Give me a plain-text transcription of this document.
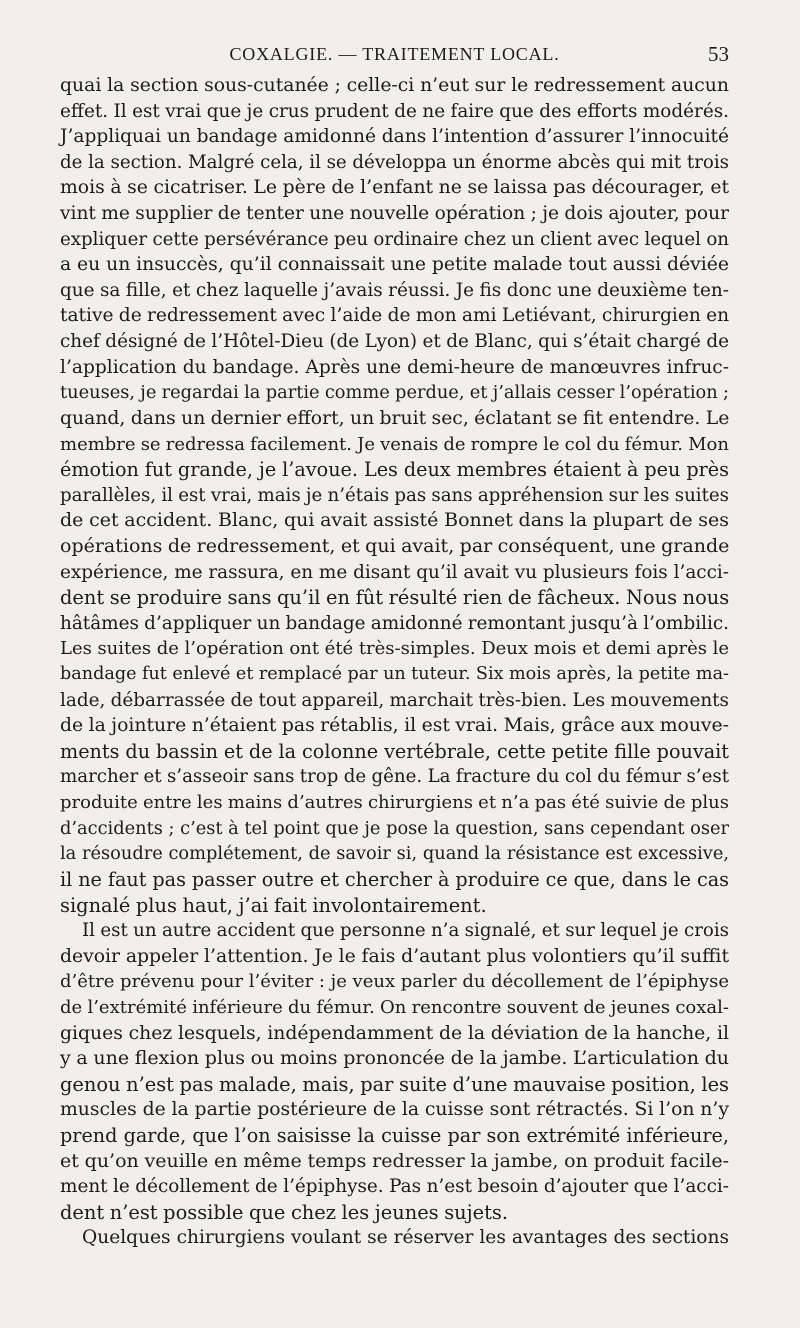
COXALGIE. — TRAITEMENT LOCAL.	53
quai la section sous-cutanée ; celle-ci n’eut sur le redressement aucun
effet. Il est vrai que je crus prudent de ne faire que des efforts modérés.
J’appliquai un bandage amidonné dans l’intention d’assurer l’innocuité
de la section. Malgré cela, il se développa un énorme abcès qui mit trois
mois à se cicatriser. Le père de l’enfant ne se laissa pas décourager, et
vint me supplier de tenter une nouvelle opération ; je dois ajouter, pour
expliquer cette persévérance peu ordinaire chez un client avec lequel on
a eu un insuccès, qu’il connaissait une petite malade tout aussi déviée
que sa fille, et chez laquelle j’avais réussi. Je fis donc une deuxième ten-
tative de redressement avec l’aide de mon ami Letiévant, chirurgien en
chef désigné de l’Hôtel-Dieu (de Lyon) et de Blanc, qui s’était chargé de
l’application du bandage. Après une demi-heure de manœuvres infruc-
tueuses, je regardai la partie comme perdue, et j’allais cesser l’opération ;
quand, dans un dernier effort, un bruit sec, éclatant se fit entendre. Le
membre se redressa facilement. Je venais de rompre le col du fémur. Mon
émotion fut grande, je l’avoue. Les deux membres étaient à peu près
parallèles, il est vrai, mais je n’étais pas sans appréhension sur les suites
de cet accident. Blanc, qui avait assisté Bonnet dans la plupart de ses
opérations de redressement, et qui avait, par conséquent, une grande
expérience, me rassura, en me disant qu’il avait vu plusieurs fois l’acci-
dent se produire sans qu’il en fût résulté rien de fâcheux. Nous nous
hâtâmes d’appliquer un bandage amidonné remontant jusqu’à l’ombilic.
Les suites de l’opération ont été très-simples. Deux mois et demi après le
bandage fut enlevé et remplacé par un tuteur. Six mois après, la petite ma-
lade, débarrassée de tout appareil, marchait très-bien. Les mouvements
de la jointure n’étaient pas rétablis, il est vrai. Mais, grâce aux mouve-
ments du bassin et de la colonne vertébrale, cette petite fille pouvait
marcher et s’asseoir sans trop de gêne. La fracture du col du fémur s’est
produite entre les mains d’autres chirurgiens et n’a pas été suivie de plus
d’accidents ; c’est à tel point que je pose la question, sans cependant oser
la résoudre complétement, de savoir si, quand la résistance est excessive,
il ne faut pas passer outre et chercher à produire ce que, dans le cas
signalé plus haut, j’ai fait involontairement.
Il est un autre accident que personne n’a signalé, et sur lequel je crois
devoir appeler l’attention. Je le fais d’autant plus volontiers qu’il suffit
d’être prévenu pour l’éviter : je veux parler du décollement de l’épiphyse
de l’extrémité inférieure du fémur. On rencontre souvent de jeunes coxal-
giques chez lesquels, indépendamment de la déviation de la hanche, il
y a une flexion plus ou moins prononcée de la jambe. L’articulation du
genou n’est pas malade, mais, par suite d’une mauvaise position, les
muscles de la partie postérieure de la cuisse sont rétractés. Si l’on n’y
prend garde, que l’on saisisse la cuisse par son extrémité inférieure,
et qu’on veuille en même temps redresser la jambe, on produit facile-
ment le décollement de l’épiphyse. Pas n’est besoin d’ajouter que l’acci-
dent n’est possible que chez les jeunes sujets.
Quelques chirurgiens voulant se réserver les avantages des sections
